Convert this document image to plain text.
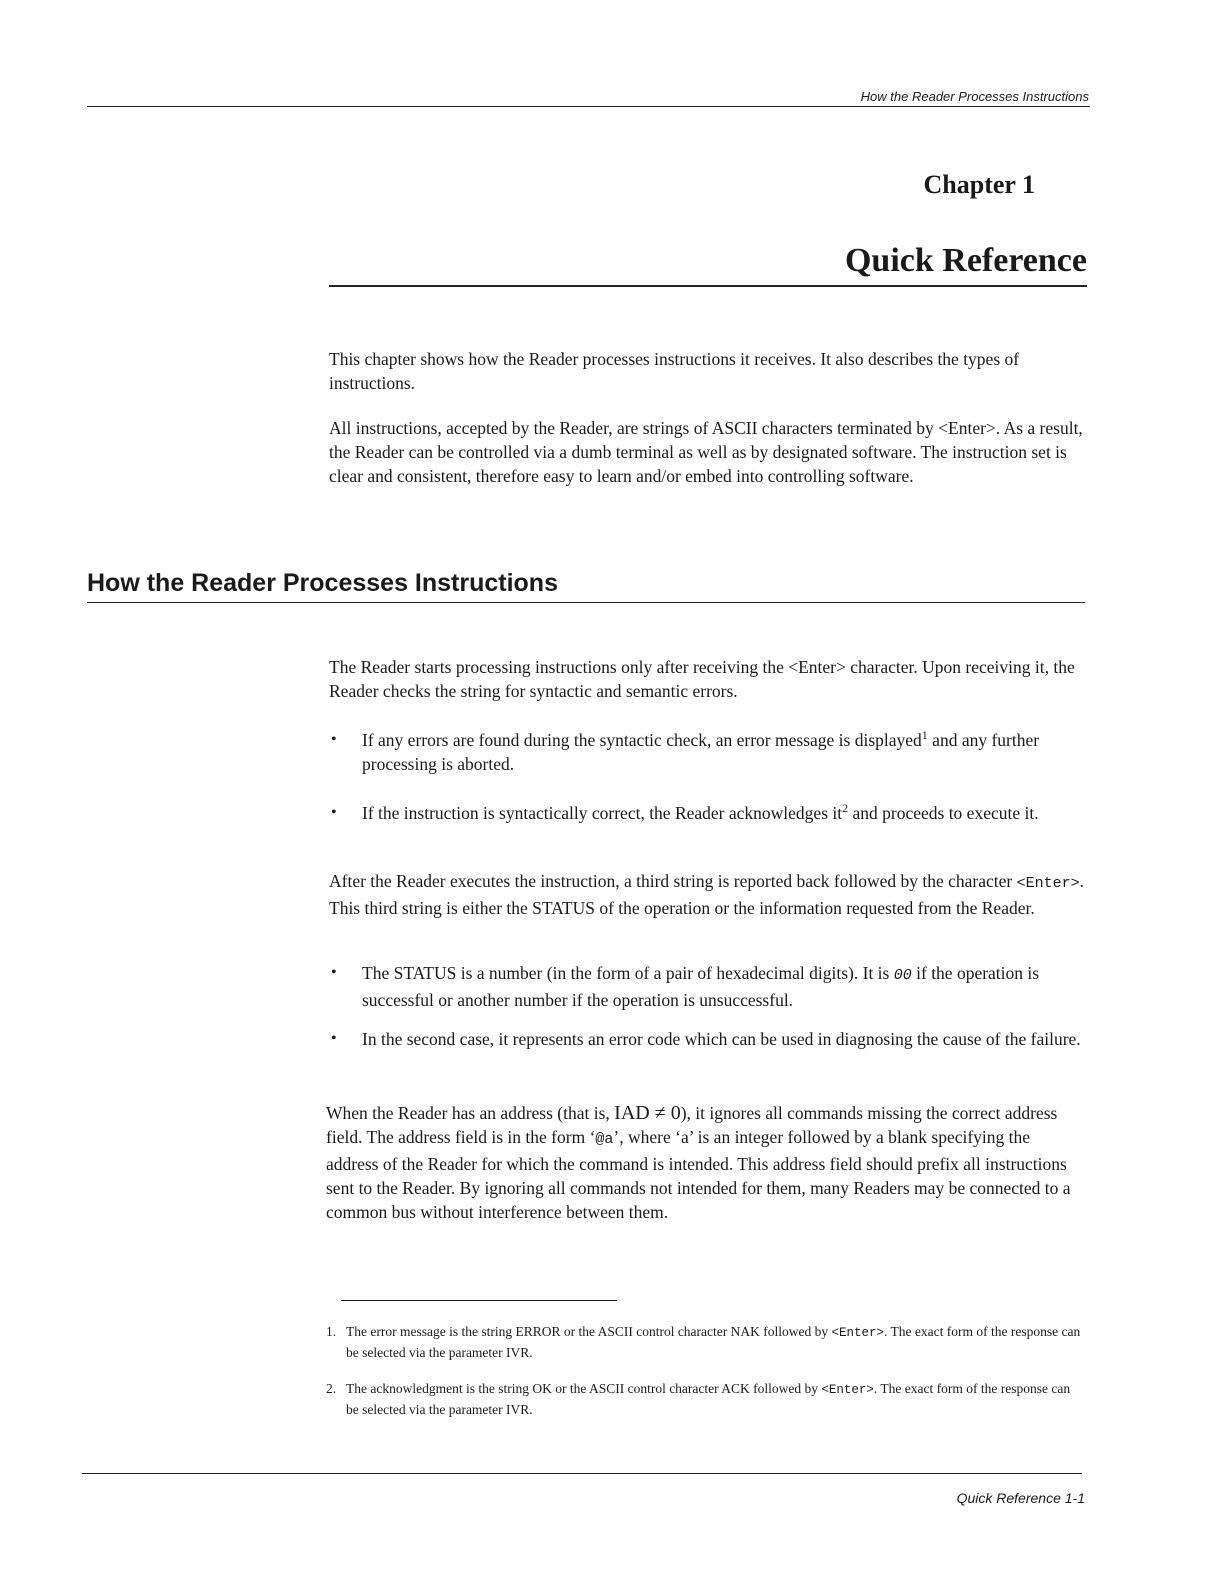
How the Reader Processes Instructions
Chapter 1
Quick Reference

This chapter shows how the Reader processes instructions it receives. It also describes the types of instructions.

All instructions, accepted by the Reader, are strings of ASCII characters terminated by <Enter>. As a result, the Reader can be controlled via a dumb terminal as well as by designated software. The instruction set is clear and consistent, therefore easy to learn and/or embed into controlling software.

How the Reader Processes Instructions

The Reader starts processing instructions only after receiving the <Enter> character. Upon receiving it, the Reader checks the string for syntactic and semantic errors.

• If any errors are found during the syntactic check, an error message is displayed$^1$ and any further processing is aborted.

• If the instruction is syntactically correct, the Reader acknowledges $it^2$ and proceeds to execute it.

After the Reader executes the instruction, a third string is reported back followed by the character <Enter>. This third string is either the STATUS of the operation or the information requested from the Reader.

• The STATUS is a number (in the form of a pair of hexadecimal digits). It is 00 if the operation is successful or another number if the operation is unsuccessful.

• In the second case, it represents an error code which can be used in diagnosing the cause of the failure.

When the Reader has an address (that is, IAD ≠ 0), it ignores all commands missing the correct address field. The address field is in the form ‘@a’, where ‘a’ is an integer followed by a blank specifying the address of the Reader for which the command is intended. This address field should prefix all instructions sent to the Reader. By ignoring all commands not intended for them, many Readers may be connected to a common bus without interference between them.

1. The error message is the string ERROR or the ASCII control character NAK followed by <Enter>. The exact form of the response can be selected via the parameter IVR.

2. The acknowledgment is the string OK or the ASCII control character ACK followed by <Enter>. The exact form of the response can be selected via the parameter IVR.

Quick Reference 1-1
